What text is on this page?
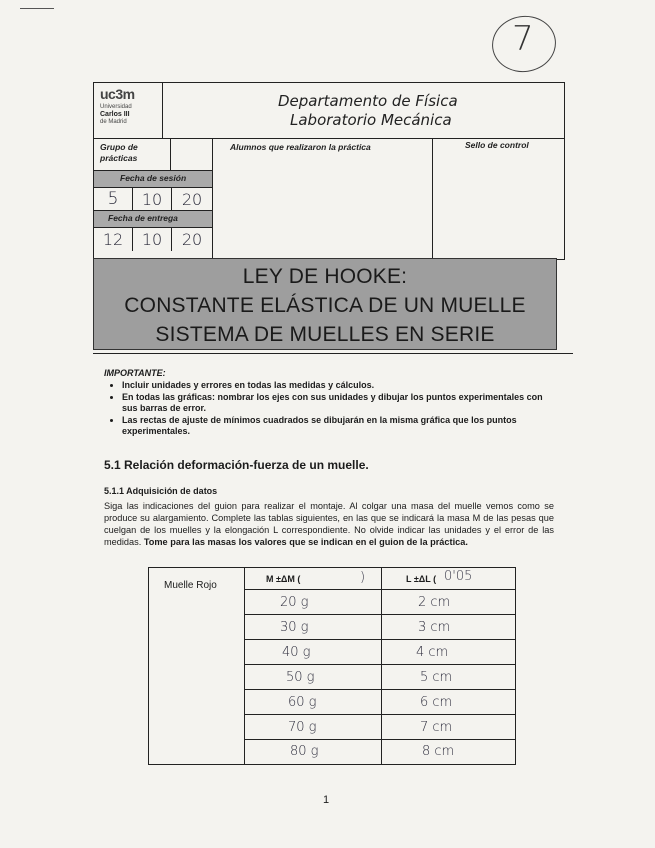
7
uc3m
Universidad
Carlos III
de Madrid
Departamento de Física
Laboratorio Mecánica
Grupo de prácticas
Alumnos que realizaron la práctica	Sello de control
Fecha de sesión
5	10	20
Fecha de entrega
12	10	20
LEY DE HOOKE:
CONSTANTE ELÁSTICA DE UN MUELLE
SISTEMA DE MUELLES EN SERIE
IMPORTANTE:
• Incluir unidades y errores en todas las medidas y cálculos.
• En todas las gráficas: nombrar los ejes con sus unidades y dibujar los puntos experimentales con sus barras de error.
• Las rectas de ajuste de mínimos cuadrados se dibujarán en la misma gráfica que los puntos experimentales.
5.1 Relación deformación-fuerza de un muelle.
5.1.1 Adquisición de datos
Siga las indicaciones del guion para realizar el montaje. Al colgar una masa del muelle vemos como se produce su alargamiento. Complete las tablas siguientes, en las que se indicará la masa M de las pesas que cuelgan de los muelles y la elongación L correspondiente. No olvide indicar las unidades y el error de las medidas. Tome para las masas los valores que se indican en el guion de la práctica.
Muelle Rojo
M ±ΔM (	)	L ±ΔL ( 0'05
20 g	2 cm
30 g	3 cm
40 g	4 cm
50 g	5 cm
60 g	6 cm
70 g	7 cm
80 g	8 cm
1
